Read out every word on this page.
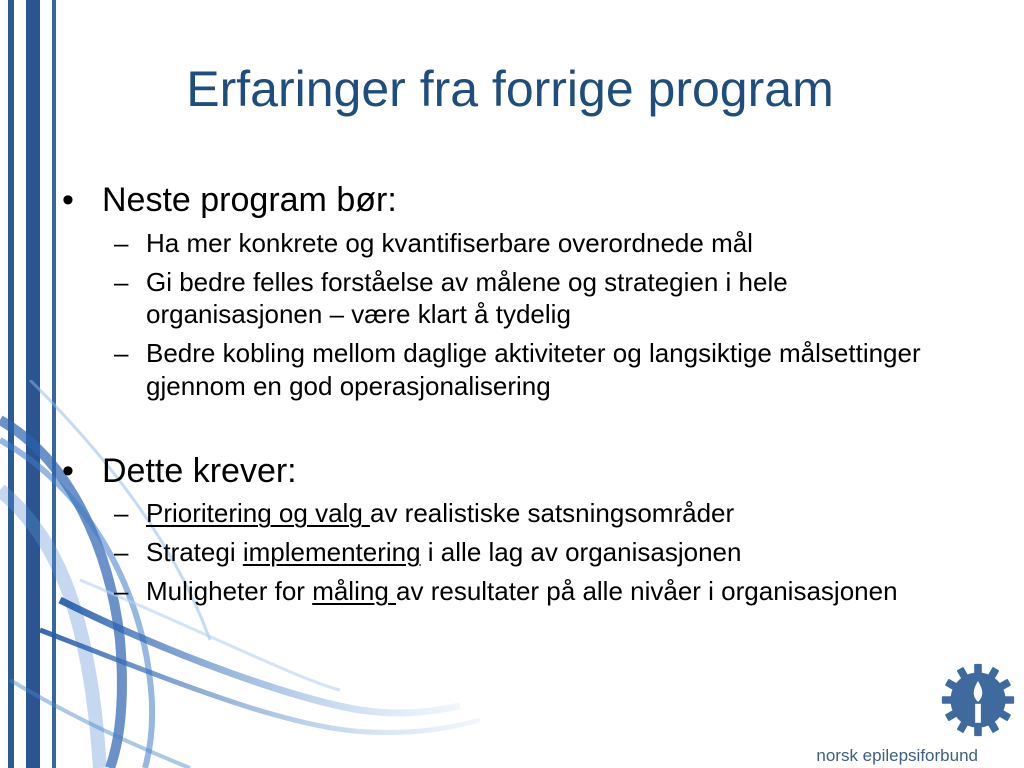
Erfaringer fra forrige program
• Neste program bør:
– Ha mer konkrete og kvantifiserbare overordnede mål
– Gi bedre felles forståelse av målene og strategien i hele organisasjonen – være klart å tydelig
– Bedre kobling mellom daglige aktiviteter og langsiktige målsettinger gjennom en god operasjonalisering
• Dette krever:
– Prioritering og valg av realistiske satsningsområder
– Strategi implementering i alle lag av organisasjonen
– Muligheter for måling av resultater på alle nivåer i organisasjonen
norsk epilepsiforbund
